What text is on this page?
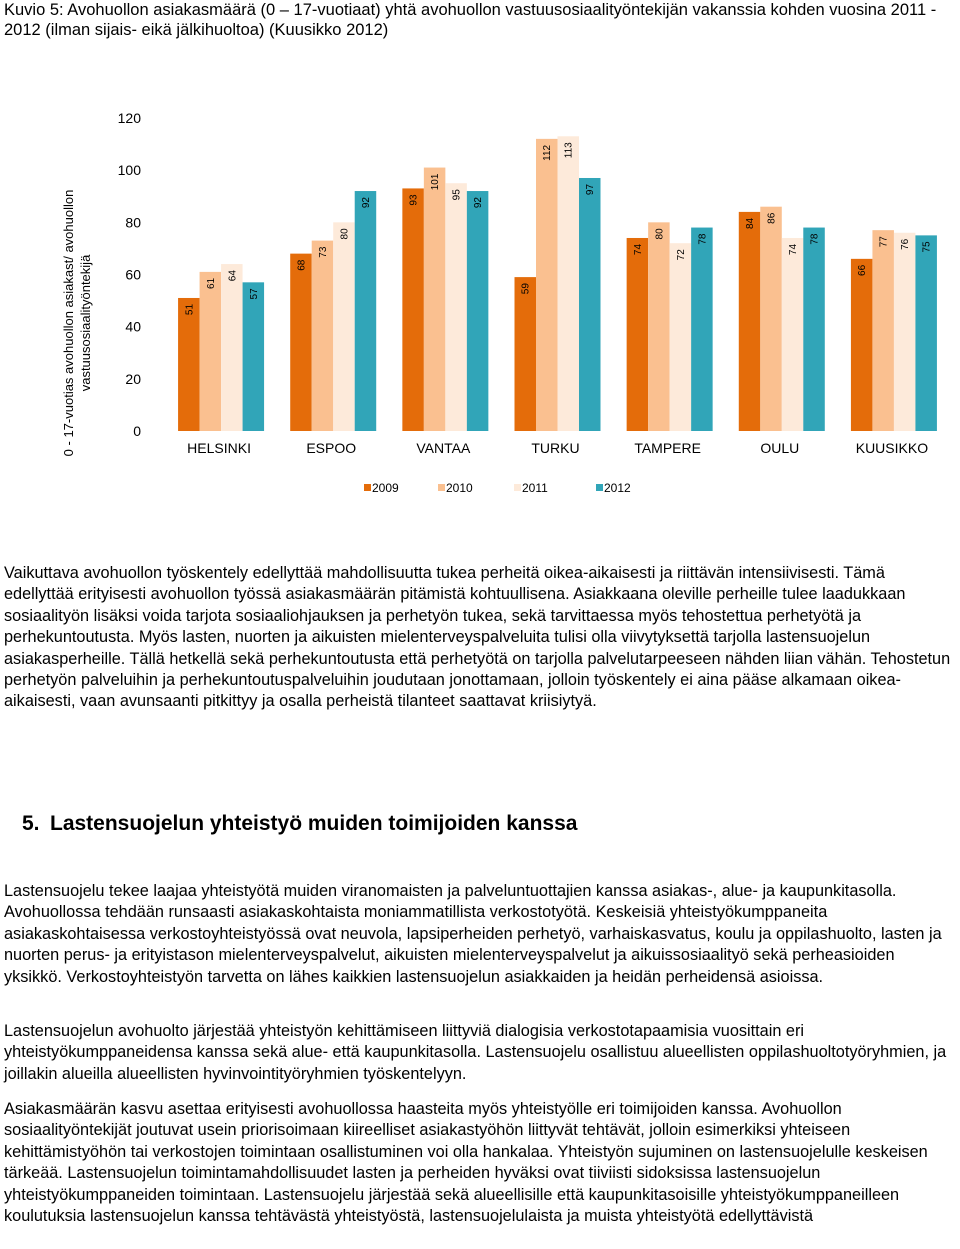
Kuvio 5: Avohuollon asiakasmäärä (0 – 17-vuotiaat) yhtä avohuollon vastuusosiaalityöntekijän vakanssia kohden vuosina 2011 - 2012 (ilman sijais- eikä jälkihuoltoa) (Kuusikko 2012)

0 - 17-vuotias avohuollon asiakast/ avohuollon vastuusosiaalityöntekijä
0
20
40
60
80
100
120
51
61
64
57
68
73
80
92	93
101
95
92
59
112 113
97
74
80
72
78
84 86
74
78
66
77 76 75
HELSINKI	ESPOO	VANTAA	TURKU	TAMPERE	OULU	KUUSIKKO
2009	2010	2011	2012

Vaikuttava avohuollon työskentely edellyttää mahdollisuutta tukea perheitä oikea-aikaisesti ja riittävän intensiivisesti. Tämä edellyttää erityisesti avohuollon työssä asiakasmäärän pitämistä kohtuullisena. Asiakkaana oleville perheille tulee laadukkaan sosiaalityön lisäksi voida tarjota sosiaaliohjauksen ja perhetyön tukea, sekä tarvittaessa myös tehostettua perhetyötä ja perhekuntoutusta. Myös lasten, nuorten ja aikuisten mielenterveyspalveluita tulisi olla viivytyksettä tarjolla lastensuojelun asiakasperheille. Tällä hetkellä sekä perhekuntoutusta että perhetyötä on tarjolla palvelutarpeeseen nähden liian vähän. Tehostetun perhetyön palveluihin ja perhekuntoutuspalveluihin joudutaan jonottamaan, jolloin työskentely ei aina pääse alkamaan oikea-aikaisesti, vaan avunsaanti pitkittyy ja osalla perheistä tilanteet saattavat kriisiytyä.

5. Lastensuojelun yhteistyö muiden toimijoiden kanssa

Lastensuojelu tekee laajaa yhteistyötä muiden viranomaisten ja palveluntuottajien kanssa asiakas-, alue- ja kaupunkitasolla. Avohuollossa tehdään runsaasti asiakaskohtaista moniammatillista verkostotyötä. Keskeisiä yhteistyökumppaneita asiakaskohtaisessa verkostoyhteistyössä ovat neuvola, lapsiperheiden perhetyö, varhaiskasvatus, koulu ja oppilashuolto, lasten ja nuorten perus- ja erityistason mielenterveyspalvelut, aikuisten mielenterveyspalvelut ja aikuissosiaalityö sekä perheasioiden yksikkö. Verkostoyhteistyön tarvetta on lähes kaikkien lastensuojelun asiakkaiden ja heidän perheidensä asioissa.

Lastensuojelun avohuolto järjestää yhteistyön kehittämiseen liittyviä dialogisia verkostotapaamisia vuosittain eri yhteistyökumppaneidensa kanssa sekä alue- että kaupunkitasolla. Lastensuojelu osallistuu alueellisten oppilashuoltotyöryhmien, ja joillakin alueilla alueellisten hyvinvointityöryhmien työskentelyyn.

Asiakasmäärän kasvu asettaa erityisesti avohuollossa haasteita myös yhteistyölle eri toimijoiden kanssa. Avohuollon sosiaalityöntekijät joutuvat usein priorisoimaan kiireelliset asiakastyöhön liittyvät tehtävät, jolloin esimerkiksi yhteiseen kehittämistyöhön tai verkostojen toimintaan osallistuminen voi olla hankalaa. Yhteistyön sujuminen on lastensuojelulle keskeisen tärkeää. Lastensuojelun toimintamahdollisuudet lasten ja perheiden hyväksi ovat tiiviisti sidoksissa lastensuojelun yhteistyökumppaneiden toimintaan. Lastensuojelu järjestää sekä alueellisille että kaupunkitasoisille yhteistyökumppaneilleen koulutuksia lastensuojelun kanssa tehtävästä yhteistyöstä, lastensuojelulaista ja muista yhteistyötä edellyttävistä
